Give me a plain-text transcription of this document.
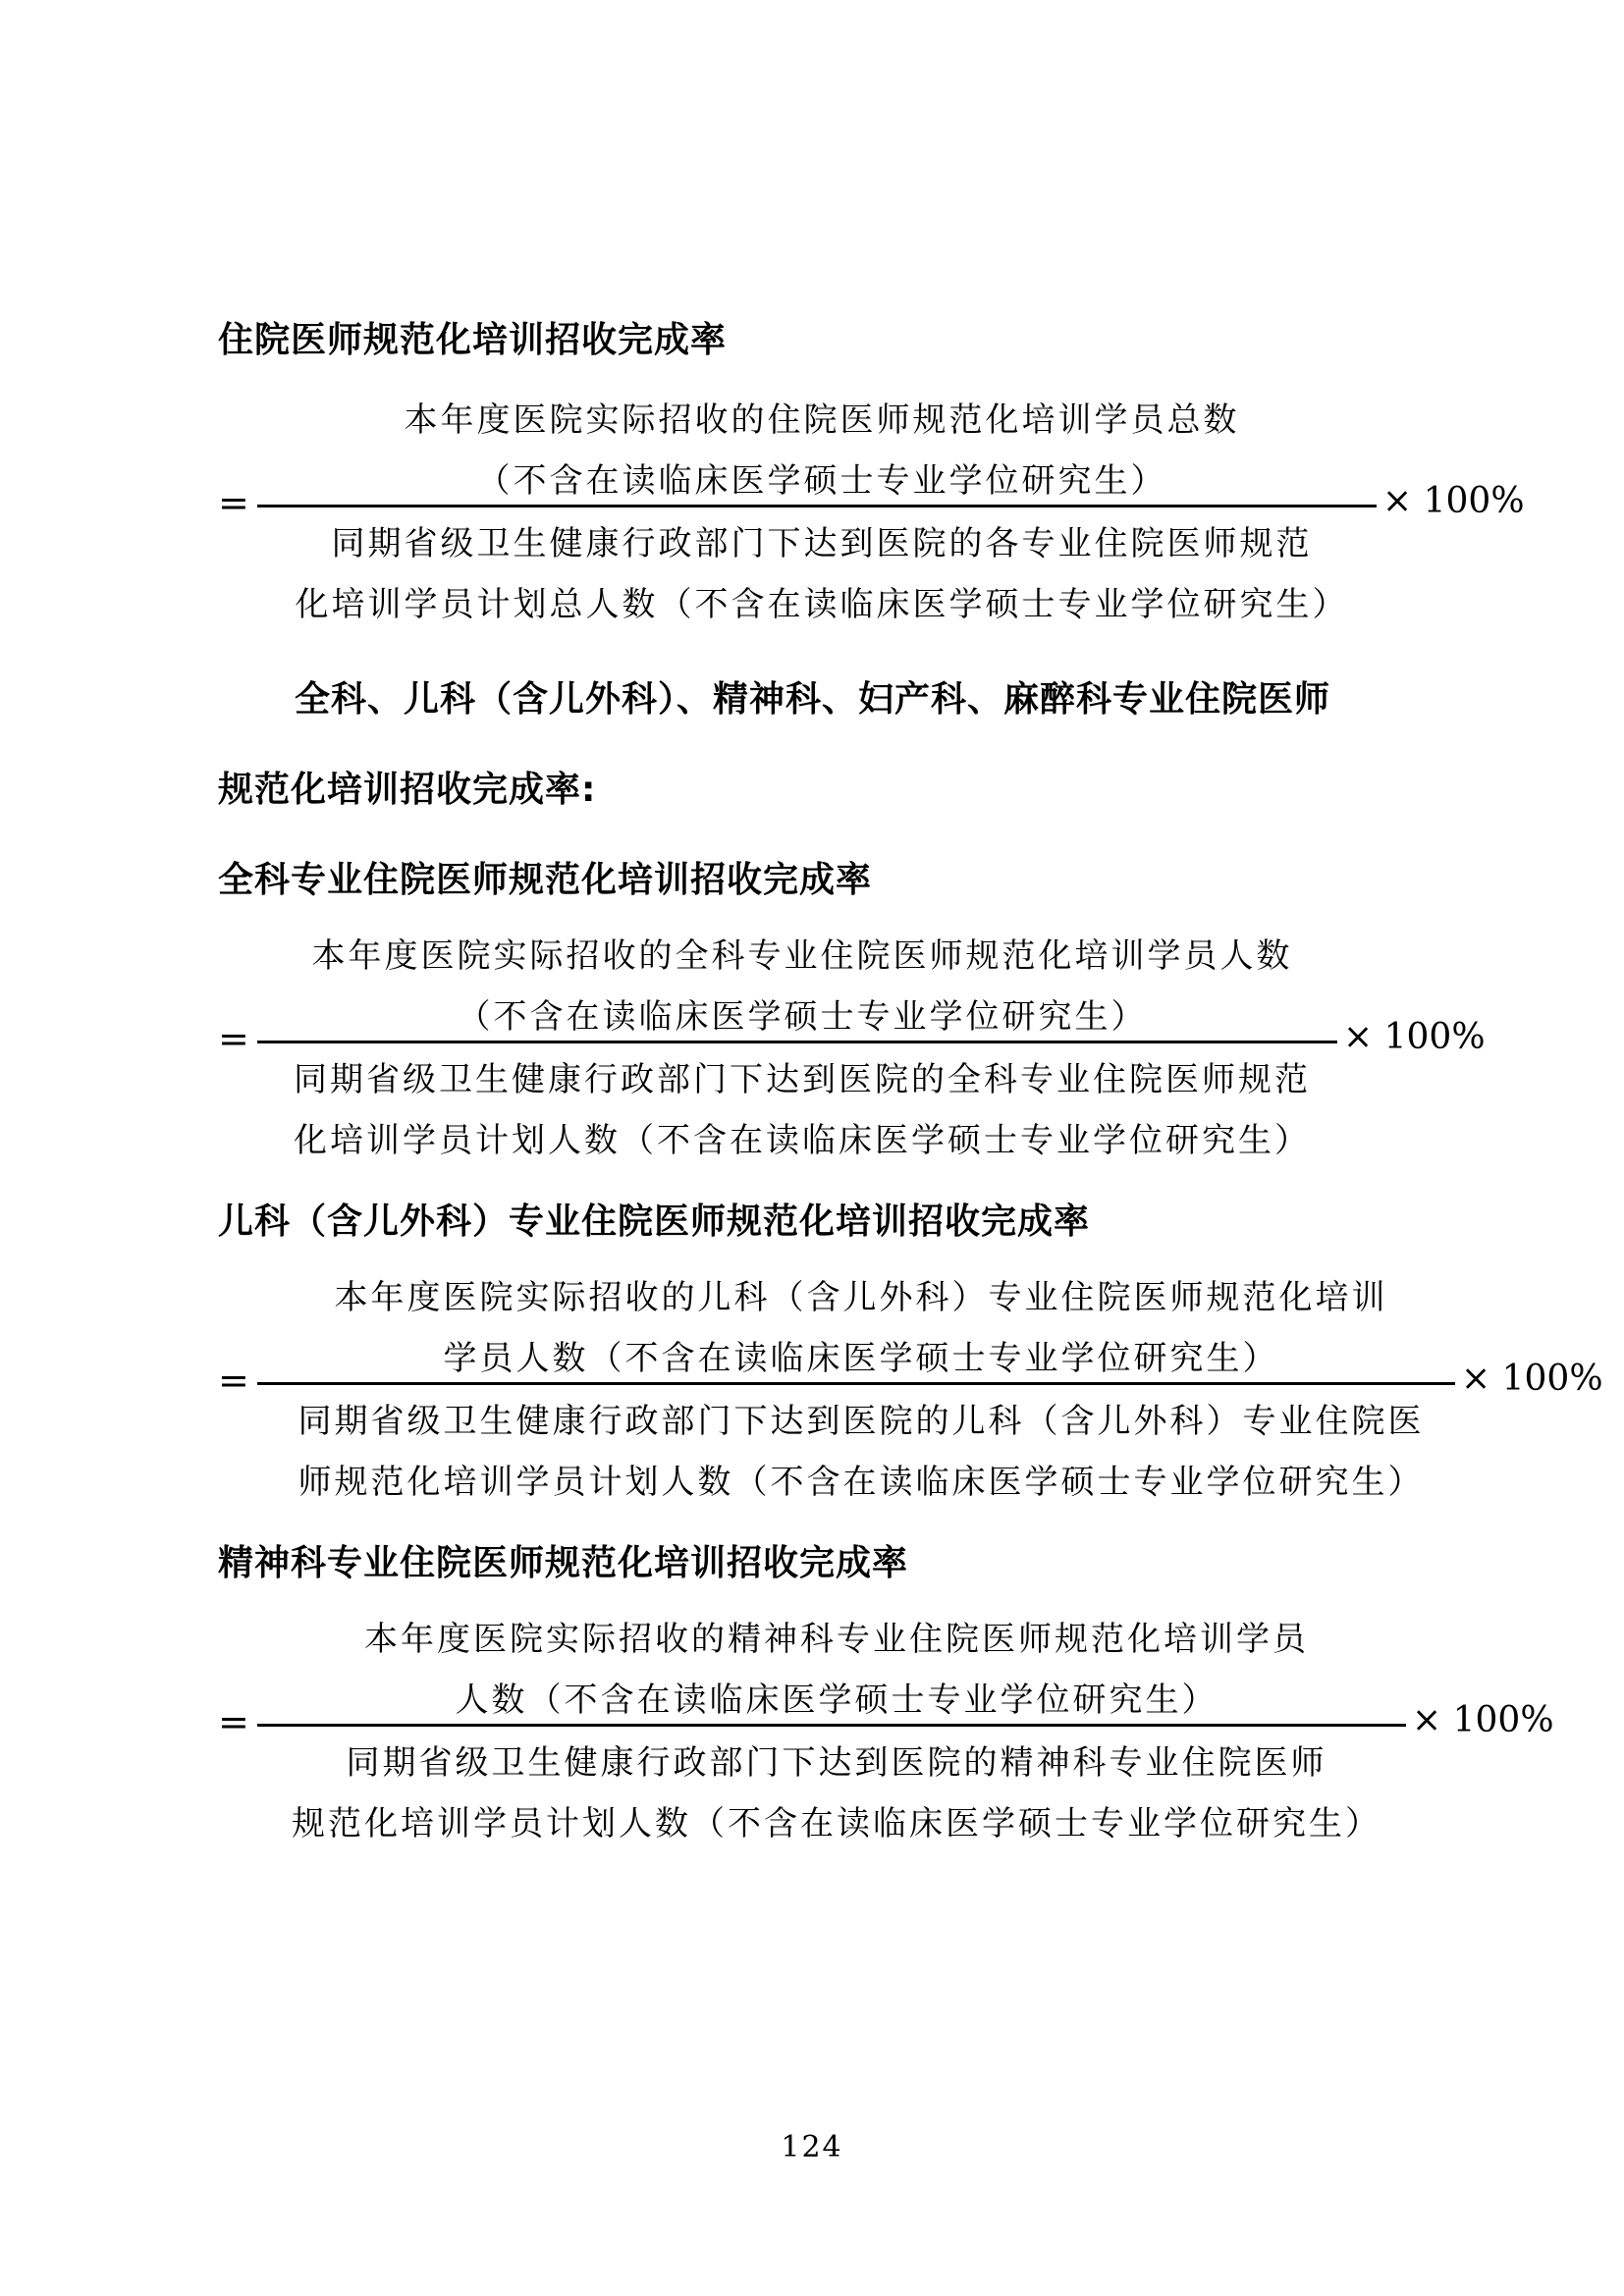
住院医师规范化培训招收完成率
本年度医院实际招收的住院医师规范化培训学员总数
（不含在读临床医学硕士专业学位研究生）
=	× 100%
同期省级卫生健康行政部门下达到医院的各专业住院医师规范
化培训学员计划总人数（不含在读临床医学硕士专业学位研究生）
全科、儿科（含儿外科）、精神科、妇产科、麻醉科专业住院医师
规范化培训招收完成率:
全科专业住院医师规范化培训招收完成率
本年度医院实际招收的全科专业住院医师规范化培训学员人数
（不含在读临床医学硕士专业学位研究生）
=	× 100%
同期省级卫生健康行政部门下达到医院的全科专业住院医师规范
化培训学员计划人数（不含在读临床医学硕士专业学位研究生）
儿科（含儿外科）专业住院医师规范化培训招收完成率
本年度医院实际招收的儿科（含儿外科）专业住院医师规范化培训
学员人数（不含在读临床医学硕士专业学位研究生）
=	× 100%
同期省级卫生健康行政部门下达到医院的儿科（含儿外科）专业住院医
师规范化培训学员计划人数（不含在读临床医学硕士专业学位研究生）
精神科专业住院医师规范化培训招收完成率
本年度医院实际招收的精神科专业住院医师规范化培训学员
人数（不含在读临床医学硕士专业学位研究生）
=	× 100%
同期省级卫生健康行政部门下达到医院的精神科专业住院医师
规范化培训学员计划人数（不含在读临床医学硕士专业学位研究生）
124
